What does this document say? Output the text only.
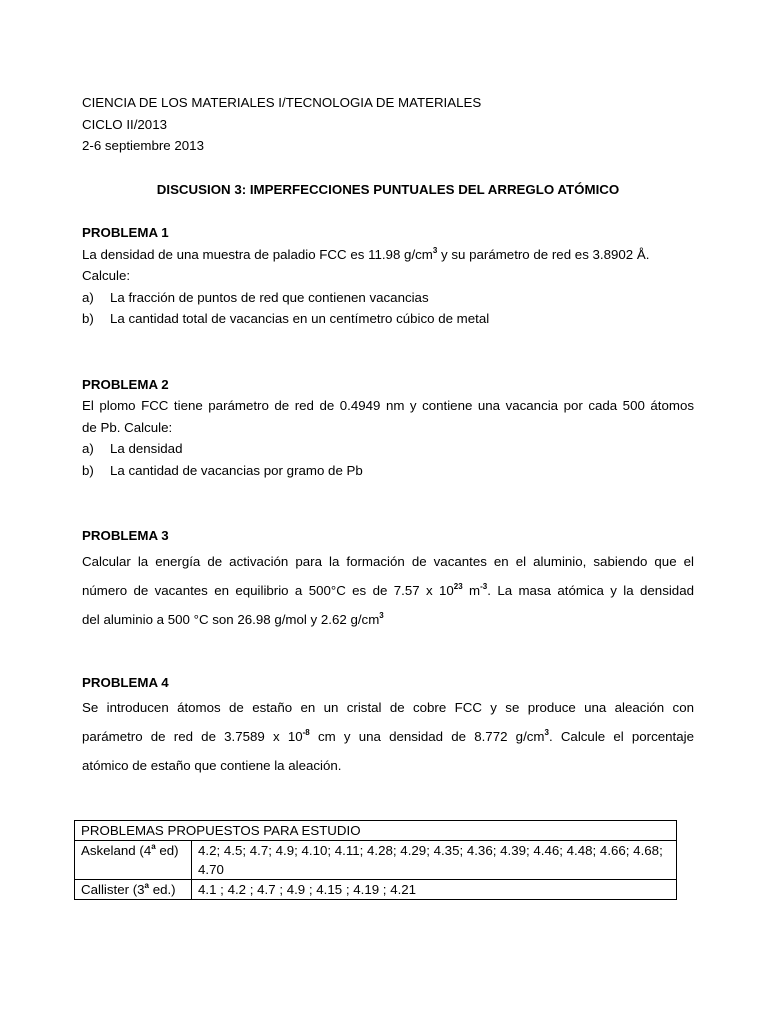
CIENCIA DE LOS MATERIALES I/TECNOLOGIA DE MATERIALES
CICLO II/2013
2-6 septiembre 2013
DISCUSION 3: IMPERFECCIONES PUNTUALES DEL ARREGLO ATÓMICO
PROBLEMA 1
La densidad de una muestra de paladio FCC es 11.98 $g/cm^3$ y su parámetro de red es 3.8902 Å.
Calcule:
a) La fracción de puntos de red que contienen vacancias
b) La cantidad total de vacancias en un centímetro cúbico de metal
PROBLEMA 2
El plomo FCC tiene parámetro de red de 0.4949 nm y contiene una vacancia por cada 500 átomos
de Pb. Calcule:
a) La densidad
b) La cantidad de vacancias por gramo de Pb
PROBLEMA 3
Calcular la energía de activación para la formación de vacantes en el aluminio, sabiendo que el
número de vacantes en equilibrio a 500°C es de 7.57 x $10^{23}$ $m^{-3}$. La masa atómica y la densidad
del aluminio a 500 °C son 26.98 g/mol y 2.62 $g/cm^3$
PROBLEMA 4
Se introducen átomos de estaño en un cristal de cobre FCC y se produce una aleación con
parámetro de red de 3.7589 x $10^{-8}$ cm y una densidad de 8.772 $g/cm^3$. Calcule el porcentaje
atómico de estaño que contiene la aleación.
PROBLEMAS PROPUESTOS PARA ESTUDIO	
Askeland (4$^a$ ed)	4.2; 4.5; 4.7; 4.9; 4.10; 4.11; 4.28; 4.29; 4.35; 4.36; 4.39; 4.46; 4.48; 4.66; 4.68; 4.70
Callister (3$^a$ ed.)	4.1 ; 4.2 ; 4.7 ; 4.9 ; 4.15 ; 4.19 ; 4.21
